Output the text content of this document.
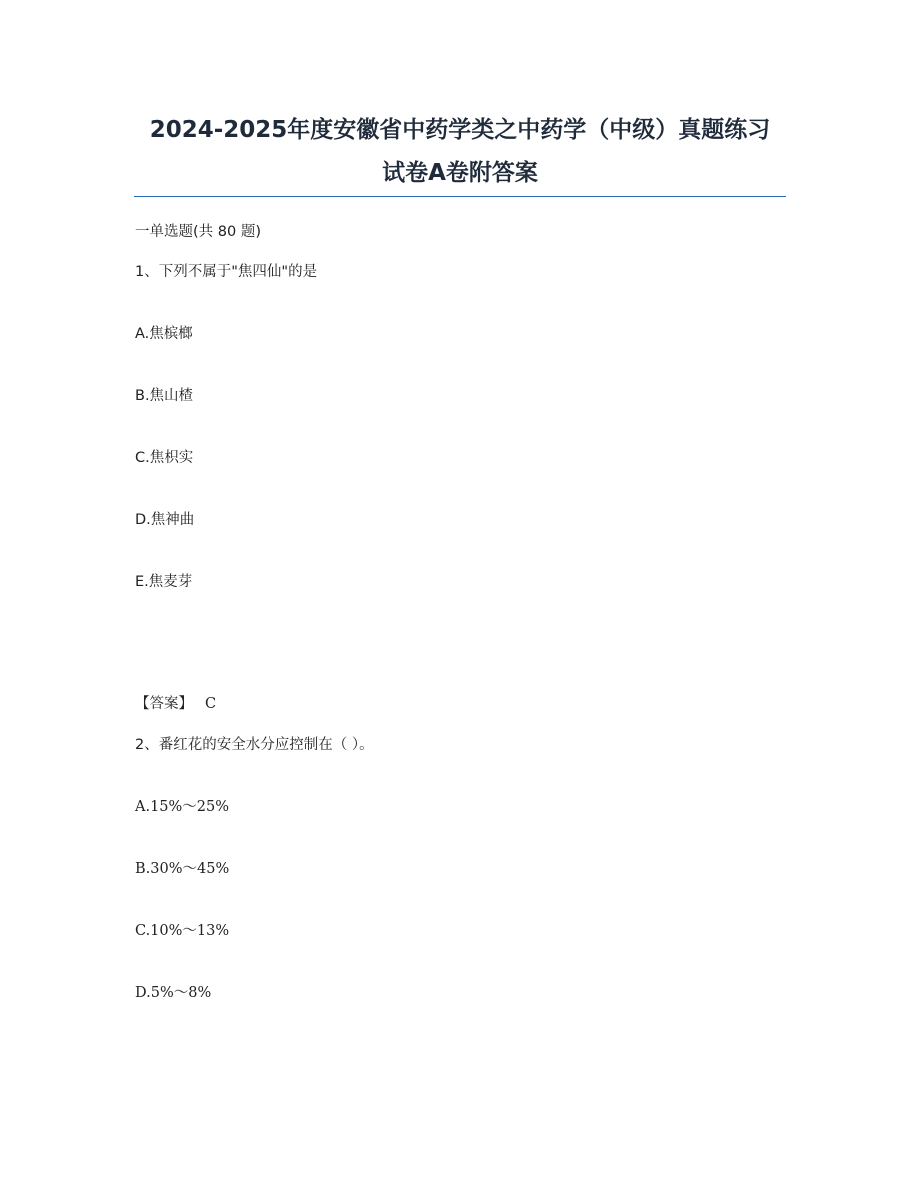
2024-2025年度安徽省中药学类之中药学（中级）真题练习
试卷A卷附答案
一单选题(共 80 题)
1、下列不属于"焦四仙"的是
A.焦槟榔
B.焦山楂
C.焦枳实
D.焦神曲
E.焦麦芽
【答案】 C
2、番红花的安全水分应控制在（ ）。
A.15%～25%
B.30%～45%
C.10%～13%
D.5%～8%
